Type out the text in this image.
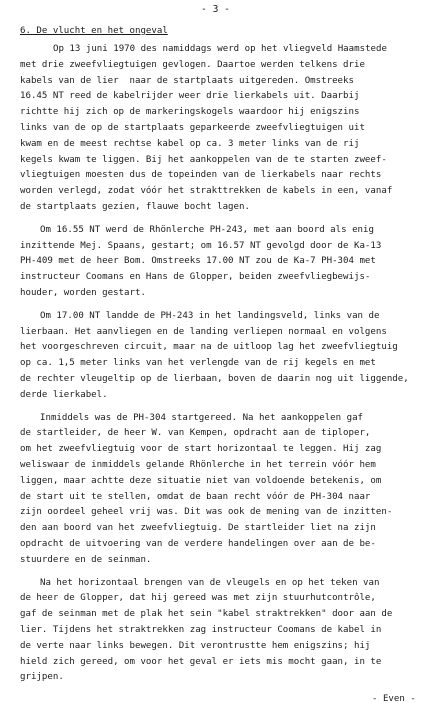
- 3 -
6. De vlucht en het ongeval
Op 13 juni 1970 des namiddags werd op het vliegveld Haamstede
met drie zweefvliegtuigen gevlogen. Daartoe werden telkens drie
kabels van de lier  naar de startplaats uitgereden. Omstreeks
16.45 NT reed de kabelrijder weer drie lierkabels uit. Daarbij
richtte hij zich op de markeringskogels waardoor hij enigszins
links van de op de startplaats geparkeerde zweefvliegtuigen uit
kwam en de meest rechtse kabel op ca. 3 meter links van de rij
kegels kwam te liggen. Bij het aankoppelen van de te starten zweef-
vliegtuigen moesten dus de topeinden van de lierkabels naar rechts
worden verlegd, zodat vóór het strakttrekken de kabels in een, vanaf
de startplaats gezien, flauwe bocht lagen.
Om 16.55 NT werd de Rhönlerche PH-243, met aan boord als enig
inzittende Mej. Spaans, gestart; om 16.57 NT gevolgd door de Ka-13
PH-409 met de heer Bom. Omstreeks 17.00 NT zou de Ka-7 PH-304 met
instructeur Coomans en Hans de Glopper, beiden zweefvliegbewijs-
houder, worden gestart.
Om 17.00 NT landde de PH-243 in het landingsveld, links van de
lierbaan. Het aanvliegen en de landing verliepen normaal en volgens
het voorgeschreven circuit, maar na de uitloop lag het zweefvliegtuig
op ca. 1,5 meter links van het verlengde van de rij kegels en met
de rechter vleugeltip op de lierbaan, boven de daarin nog uit liggende,
derde lierkabel.
Inmiddels was de PH-304 startgereed. Na het aankoppelen gaf
de startleider, de heer W. van Kempen, opdracht aan de tiploper,
om het zweefvliegtuig voor de start horizontaal te leggen. Hij zag
weliswaar de inmiddels gelande Rhönlerche in het terrein vóór hem
liggen, maar achtte deze situatie niet van voldoende betekenis, om
de start uit te stellen, omdat de baan recht vóór de PH-304 naar
zijn oordeel geheel vrij was. Dit was ook de mening van de inzitten-
den aan boord van het zweefvliegtuig. De startleider liet na zijn
opdracht de uitvoering van de verdere handelingen over aan de be-
stuurdere en de seinman.
Na het horizontaal brengen van de vleugels en op het teken van
de heer de Glopper, dat hij gereed was met zijn stuurhutcontrôle,
gaf de seinman met de plak het sein "kabel straktrekken" door aan de
lier. Tijdens het straktrekken zag instructeur Coomans de kabel in
de verte naar links bewegen. Dit verontrustte hem enigszins; hij
hield zich gereed, om voor het geval er iets mis mocht gaan, in te
grijpen.
- Even -
